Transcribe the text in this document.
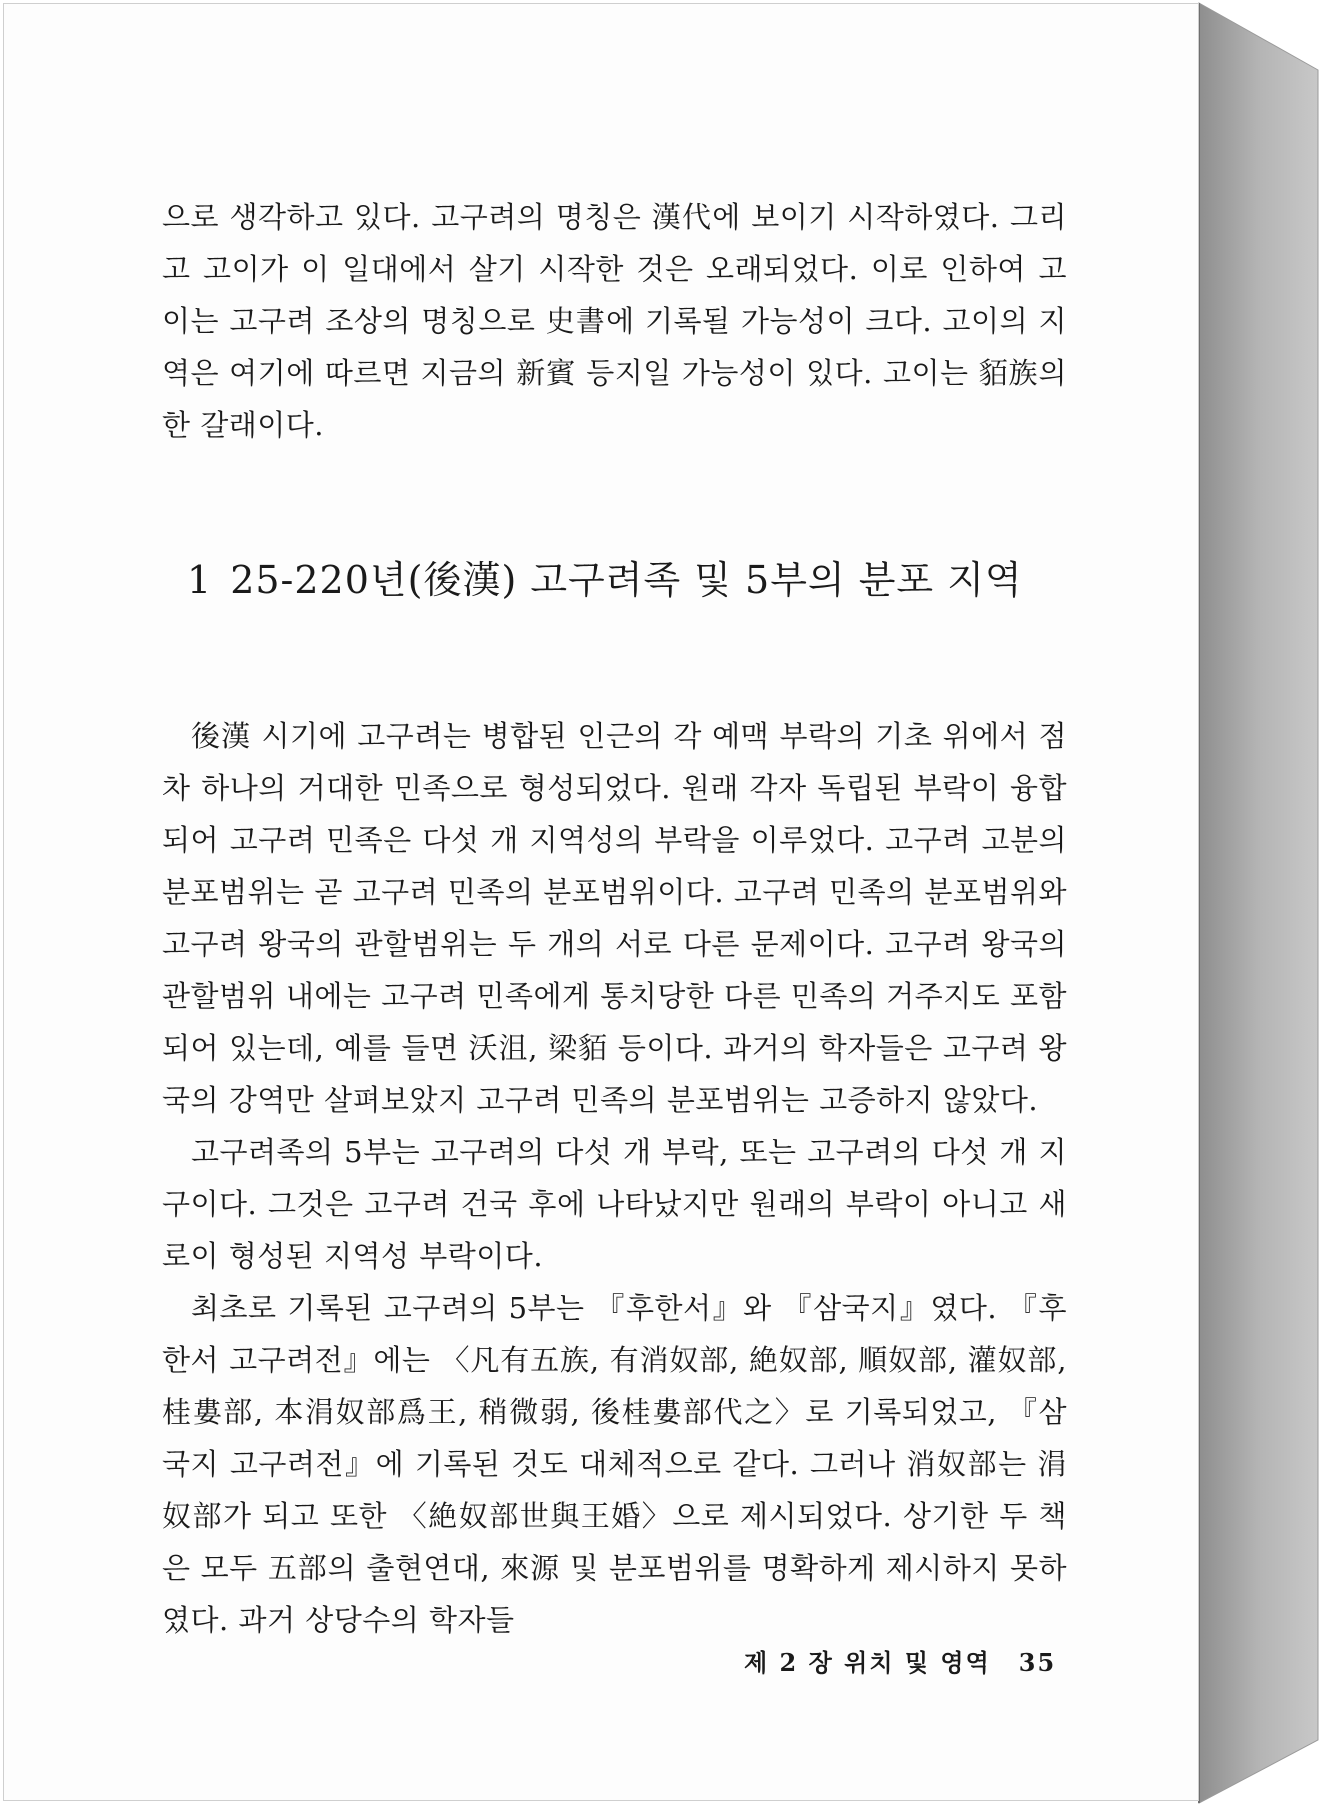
으로 생각하고 있다. 고구려의 명칭은 漢代에 보이기 시작하였다. 그리고 고이가 이 일대에서 살기 시작한 것은 오래되었다. 이로 인하여 고이는 고구려 조상의 명칭으로 史書에 기록될 가능성이 크다. 고이의 지역은 여기에 따르면 지금의 新賓 등지일 가능성이 있다. 고이는 貊族의 한 갈래이다.

1 25-220년(後漢) 고구려족 및 5부의 분포 지역

後漢 시기에 고구려는 병합된 인근의 각 예맥 부락의 기초 위에서 점차 하나의 거대한 민족으로 형성되었다. 원래 각자 독립된 부락이 융합되어 고구려 민족은 다섯 개 지역성의 부락을 이루었다. 고구려 고분의 분포범위는 곧 고구려 민족의 분포범위이다. 고구려 민족의 분포범위와 고구려 왕국의 관할범위는 두 개의 서로 다른 문제이다. 고구려 왕국의 관할범위 내에는 고구려 민족에게 통치당한 다른 민족의 거주지도 포함되어 있는데, 예를 들면 沃沮, 梁貊 등이다. 과거의 학자들은 고구려 왕국의 강역만 살펴보았지 고구려 민족의 분포범위는 고증하지 않았다.

고구려족의 5부는 고구려의 다섯 개 부락, 또는 고구려의 다섯 개 지구이다. 그것은 고구려 건국 후에 나타났지만 원래의 부락이 아니고 새로이 형성된 지역성 부락이다.

최초로 기록된 고구려의 5부는 『후한서』와 『삼국지』였다. 『후한서 고구려전』에는 〈凡有五族, 有消奴部, 絶奴部, 順奴部, 灌奴部, 桂婁部, 本涓奴部爲王, 稍微弱, 後桂婁部代之〉로 기록되었고, 『삼국지 고구려전』에 기록된 것도 대체적으로 같다. 그러나 消奴部는 涓奴部가 되고 또한 〈絶奴部世與王婚〉으로 제시되었다. 상기한 두 책은 모두 五部의 출현연대, 來源 및 분포범위를 명확하게 제시하지 못하였다. 과거 상당수의 학자들

제 2 장 위치 및 영역 35
